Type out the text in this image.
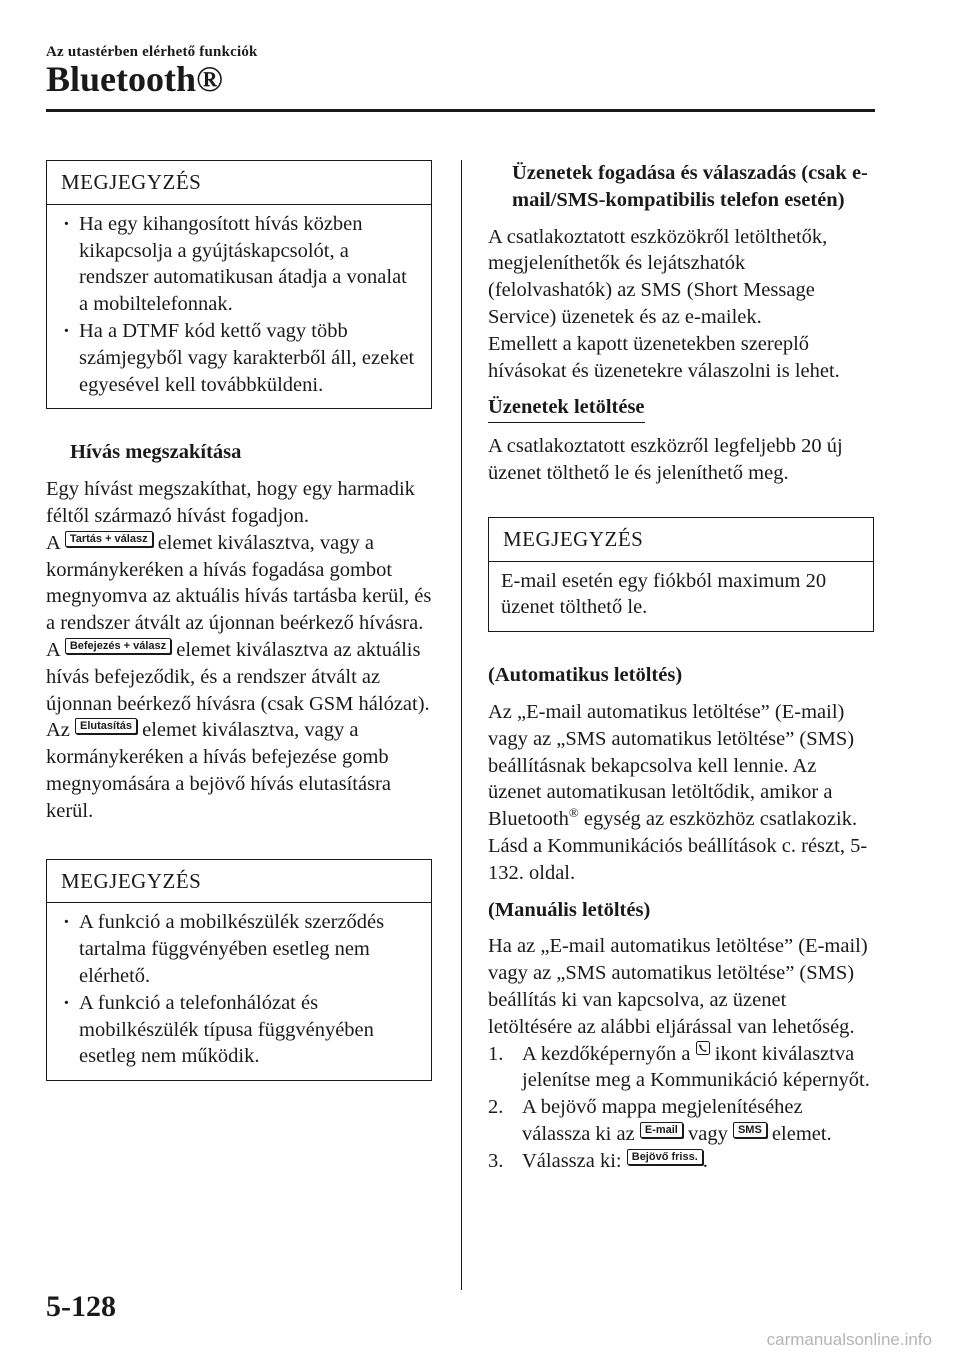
Az utastérben elérhető funkciók
Bluetooth®
MEGJEGYZÉS
· Ha egy kihangosított hívás közben kikapcsolja a gyújtáskapcsolót, a rendszer automatikusan átadja a vonalat a mobiltelefonnak.
· Ha a DTMF kód kettő vagy több számjegyből vagy karakterből áll, ezeket egyesével kell továbbküldeni.
Hívás megszakítása

Egy hívást megszakíthat, hogy egy harmadik féltől származó hívást fogadjon.

A Tartás + válasz elemet kiválasztva, vagy a kormánykeréken a hívás fogadása gombot megnyomva az aktuális hívás tartásba kerül, és a rendszer átvált az újonnan beérkező hívásra.

A Befejezés + válasz elemet kiválasztva az aktuális hívás befejeződik, és a rendszer átvált az újonnan beérkező hívásra (csak GSM hálózat).

Az Elutasítás elemet kiválasztva, vagy a kormánykeréken a hívás befejezése gomb megnyomására a bejövő hívás elutasításra kerül.

MEGJEGYZÉS
· A funkció a mobilkészülék szerződés tartalma függvényében esetleg nem elérhető.
· A funkció a telefonhálózat és mobilkészülék típusa függvényében esetleg nem működik.
Üzenetek fogadása és válaszadás (csak e-mail/SMS-kompatibilis telefon esetén)

A csatlakoztatott eszközökről letölthetők, megjeleníthetők és lejátszhatók (felolvashatók) az SMS (Short Message Service) üzenetek és az e-mailek.

Emellett a kapott üzenetekben szereplő hívásokat és üzenetekre válaszolni is lehet.

Üzenetek letöltése

A csatlakoztatott eszközről legfeljebb 20 új üzenet tölthető le és jeleníthető meg.

MEGJEGYZÉS

E-mail esetén egy fiókból maximum 20 üzenet tölthető le.

(Automatikus letöltés)

Az „E-mail automatikus letöltése” (E-mail) vagy az „SMS automatikus letöltése” (SMS) beállításnak bekapcsolva kell lennie. Az üzenet automatikusan letöltődik, amikor a Bluetooth® egység az eszközhöz csatlakozik.

Lásd a Kommunikációs beállítások c. részt, 5-132. oldal.

(Manuális letöltés)

Ha az „E-mail automatikus letöltése” (E-mail) vagy az „SMS automatikus letöltése” (SMS) beállítás ki van kapcsolva, az üzenet letöltésére az alábbi eljárással van lehetőség.

1. A kezdőképernyőn a ikont kiválasztva jelenítse meg a Kommunikáció képernyőt.
2. A bejövő mappa megjelenítéséhez válassza ki az E-mail vagy SMS elemet.
3. Válassza ki: Bejövő friss. .
5-128
carmanualsonline.info
